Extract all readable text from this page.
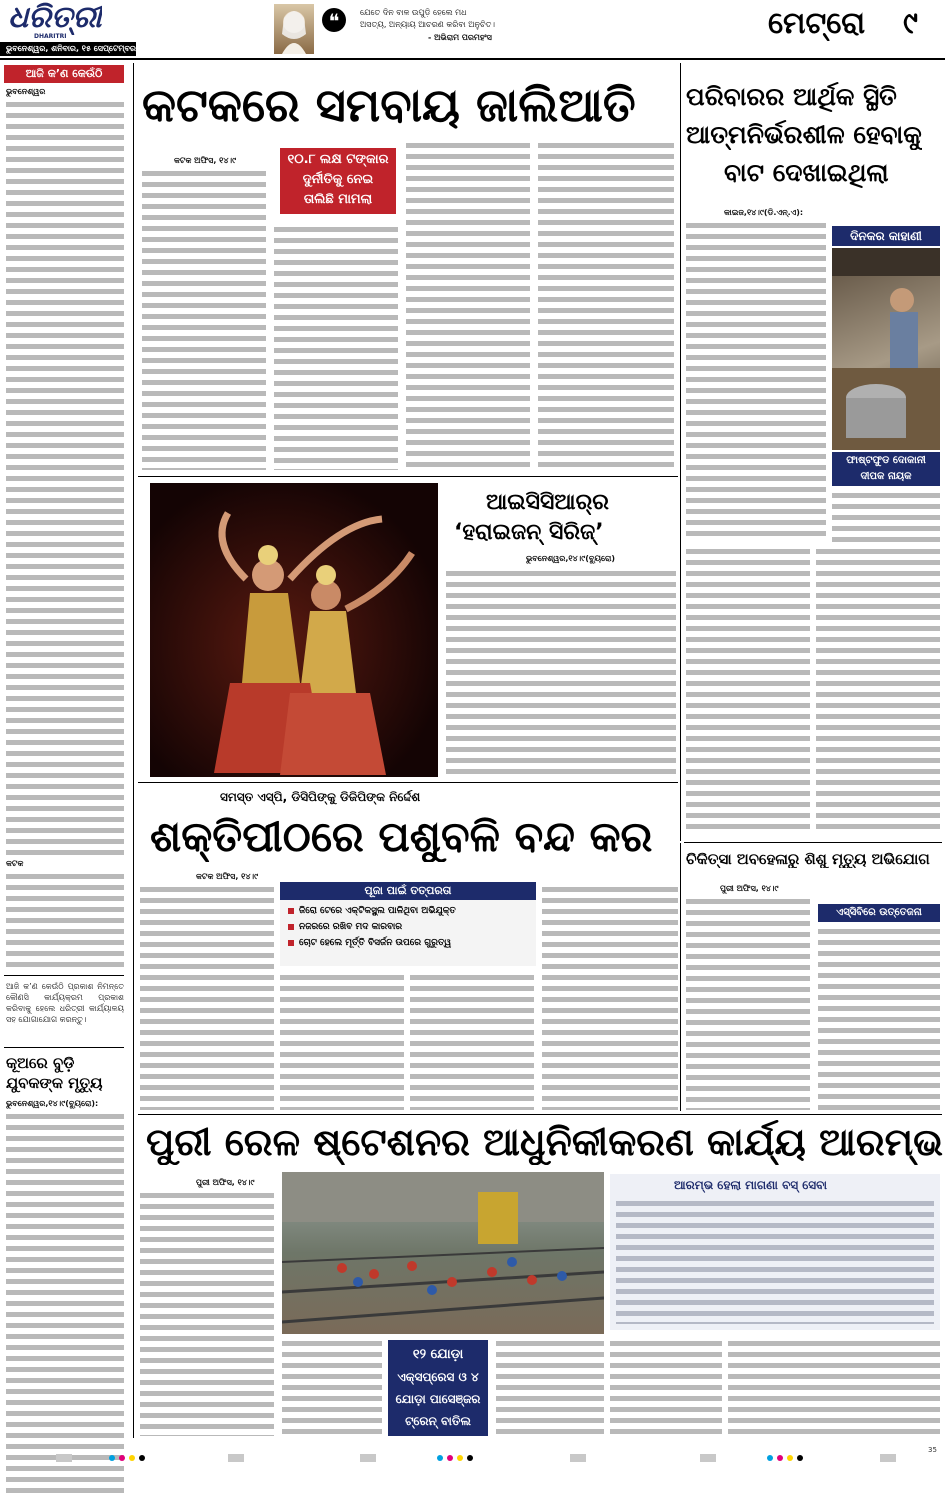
ଧରିତ୍ରୀ
DHARITRI
ଭୁବନେଶ୍ୱର, ଶନିବାର, ୧୫ ସେପ୍ଟେମ୍ବର, ୨୦୧୮
❝	ଯେତେ ଦିନ ବାଳ ଉପୁଡ଼ି ହେଲେ ମଧ
ଅସତ୍ୟ, ଅନ୍ୟାୟ ଆଚରଣ କରିବା ଅନୁଚିତ।
- ଅଭିରାମ ପରମହଂସ	ମେଟ୍ରୋ ୯
ଆଜି କ’ଣ କେଉଁଠି
ଭୁବନେଶ୍ୱର
କଟକ
ଆଜି କ’ଣ କେଉଁଠି ପ୍ରକାଶ ନିମନ୍ତେ କୌଣସି କାର୍ଯ୍ୟକ୍ରମ ପ୍ରକାଶ କରିବାକୁ ହେଲେ ଧରିତ୍ରୀ କାର୍ଯ୍ୟାଳୟ ସହ ଯୋଗାଯୋଗ କରନ୍ତୁ।
କୂଅରେ ବୁଡ଼ି ଯୁବକଙ୍କ ମୃତ୍ୟୁ
ଭୁବନେଶ୍ୱର,୧୪।୯(ବ୍ୟୁରୋ):
କଟକରେ ସମବାୟ ଜାଲିଆତି
କଟକ ଅଫିସ, ୧୪।୯	୧୦.୮ ଲକ୍ଷ ଟଙ୍କାର
ଦୁର୍ନୀତିକୁ ନେଇ
ତାଲିଛି ମାମଲା
ପରିବାରର ଆର୍ଥିକ ସ୍ଥିତି
ଆତ୍ମନିର୍ଭରଶୀଳ ହେବାକୁ
ବାଟ ଦେଖାଇଥିଲା
କାଇଜ,୧୪।୯(ଡି.ଏନ୍.ଏ):
ଦିନକର କାହାଣୀ
ଫାଷ୍ଟଫୁଡ ଦୋକାନୀ
ଦୀପକ ନାୟକ
ଆଇସିସିଆର୍‌ର
‘ହରାଇଜନ୍ ସିରିଜ୍’
ଭୁବନେଶ୍ୱର,୧୪।୯(ବ୍ୟୁରୋ)
ସମସ୍ତ ଏସ୍‌ପି, ଡିସିପିଙ୍କୁ ଡିଜିପିଙ୍କ ନିର୍ଦ୍ଦେଶ
ଶକ୍ତିପୀଠରେ ପଶୁବଳି ବନ୍ଦ କର
କଟକ ଅଫିସ, ୧୪।୯
ପୂଜା ପାଇଁ ତତ୍ପରତା
ଜିରୋ ଟେରେ ଏକ୍ଟିକସ୍ଫ୍ଲ ପାଳିଥିବା ଅଭିଯୁକ୍ତ
ନଜରରେ ରଖିବ ମଦ କାରବାର
ଚୋଟ ହେଲେ ମୂର୍ତ୍ତି ବିସର୍ଜନ ଉପରେ ଗୁରୁତ୍ୱ
ଚିକିତ୍ସା ଅବହେଳାରୁ ଶିଶୁ ମୃତ୍ୟୁ ଅଭିଯୋଗ
ପୁରୀ ଅଫିସ, ୧୪।୯
ଏସ୍‌ସିବିରେ ଉତ୍ତେଜନା
ପୁରୀ ରେଳ ଷ୍ଟେଶନର ଆଧୁନିକୀକରଣ କାର୍ଯ୍ୟ ଆରମ୍ଭ
ପୁରୀ ଅଫିସ, ୧୪।୯
୧୨ ଯୋଡ଼ା
ଏକ୍ସପ୍ରେସ ଓ ୪
ଯୋଡ଼ା ପାସେଞ୍ଜର
ଟ୍ରେନ୍ ବାତିଲ
ଆରମ୍ଭ ହେଲା ମାଗଣା ବସ୍ ସେବା
35
